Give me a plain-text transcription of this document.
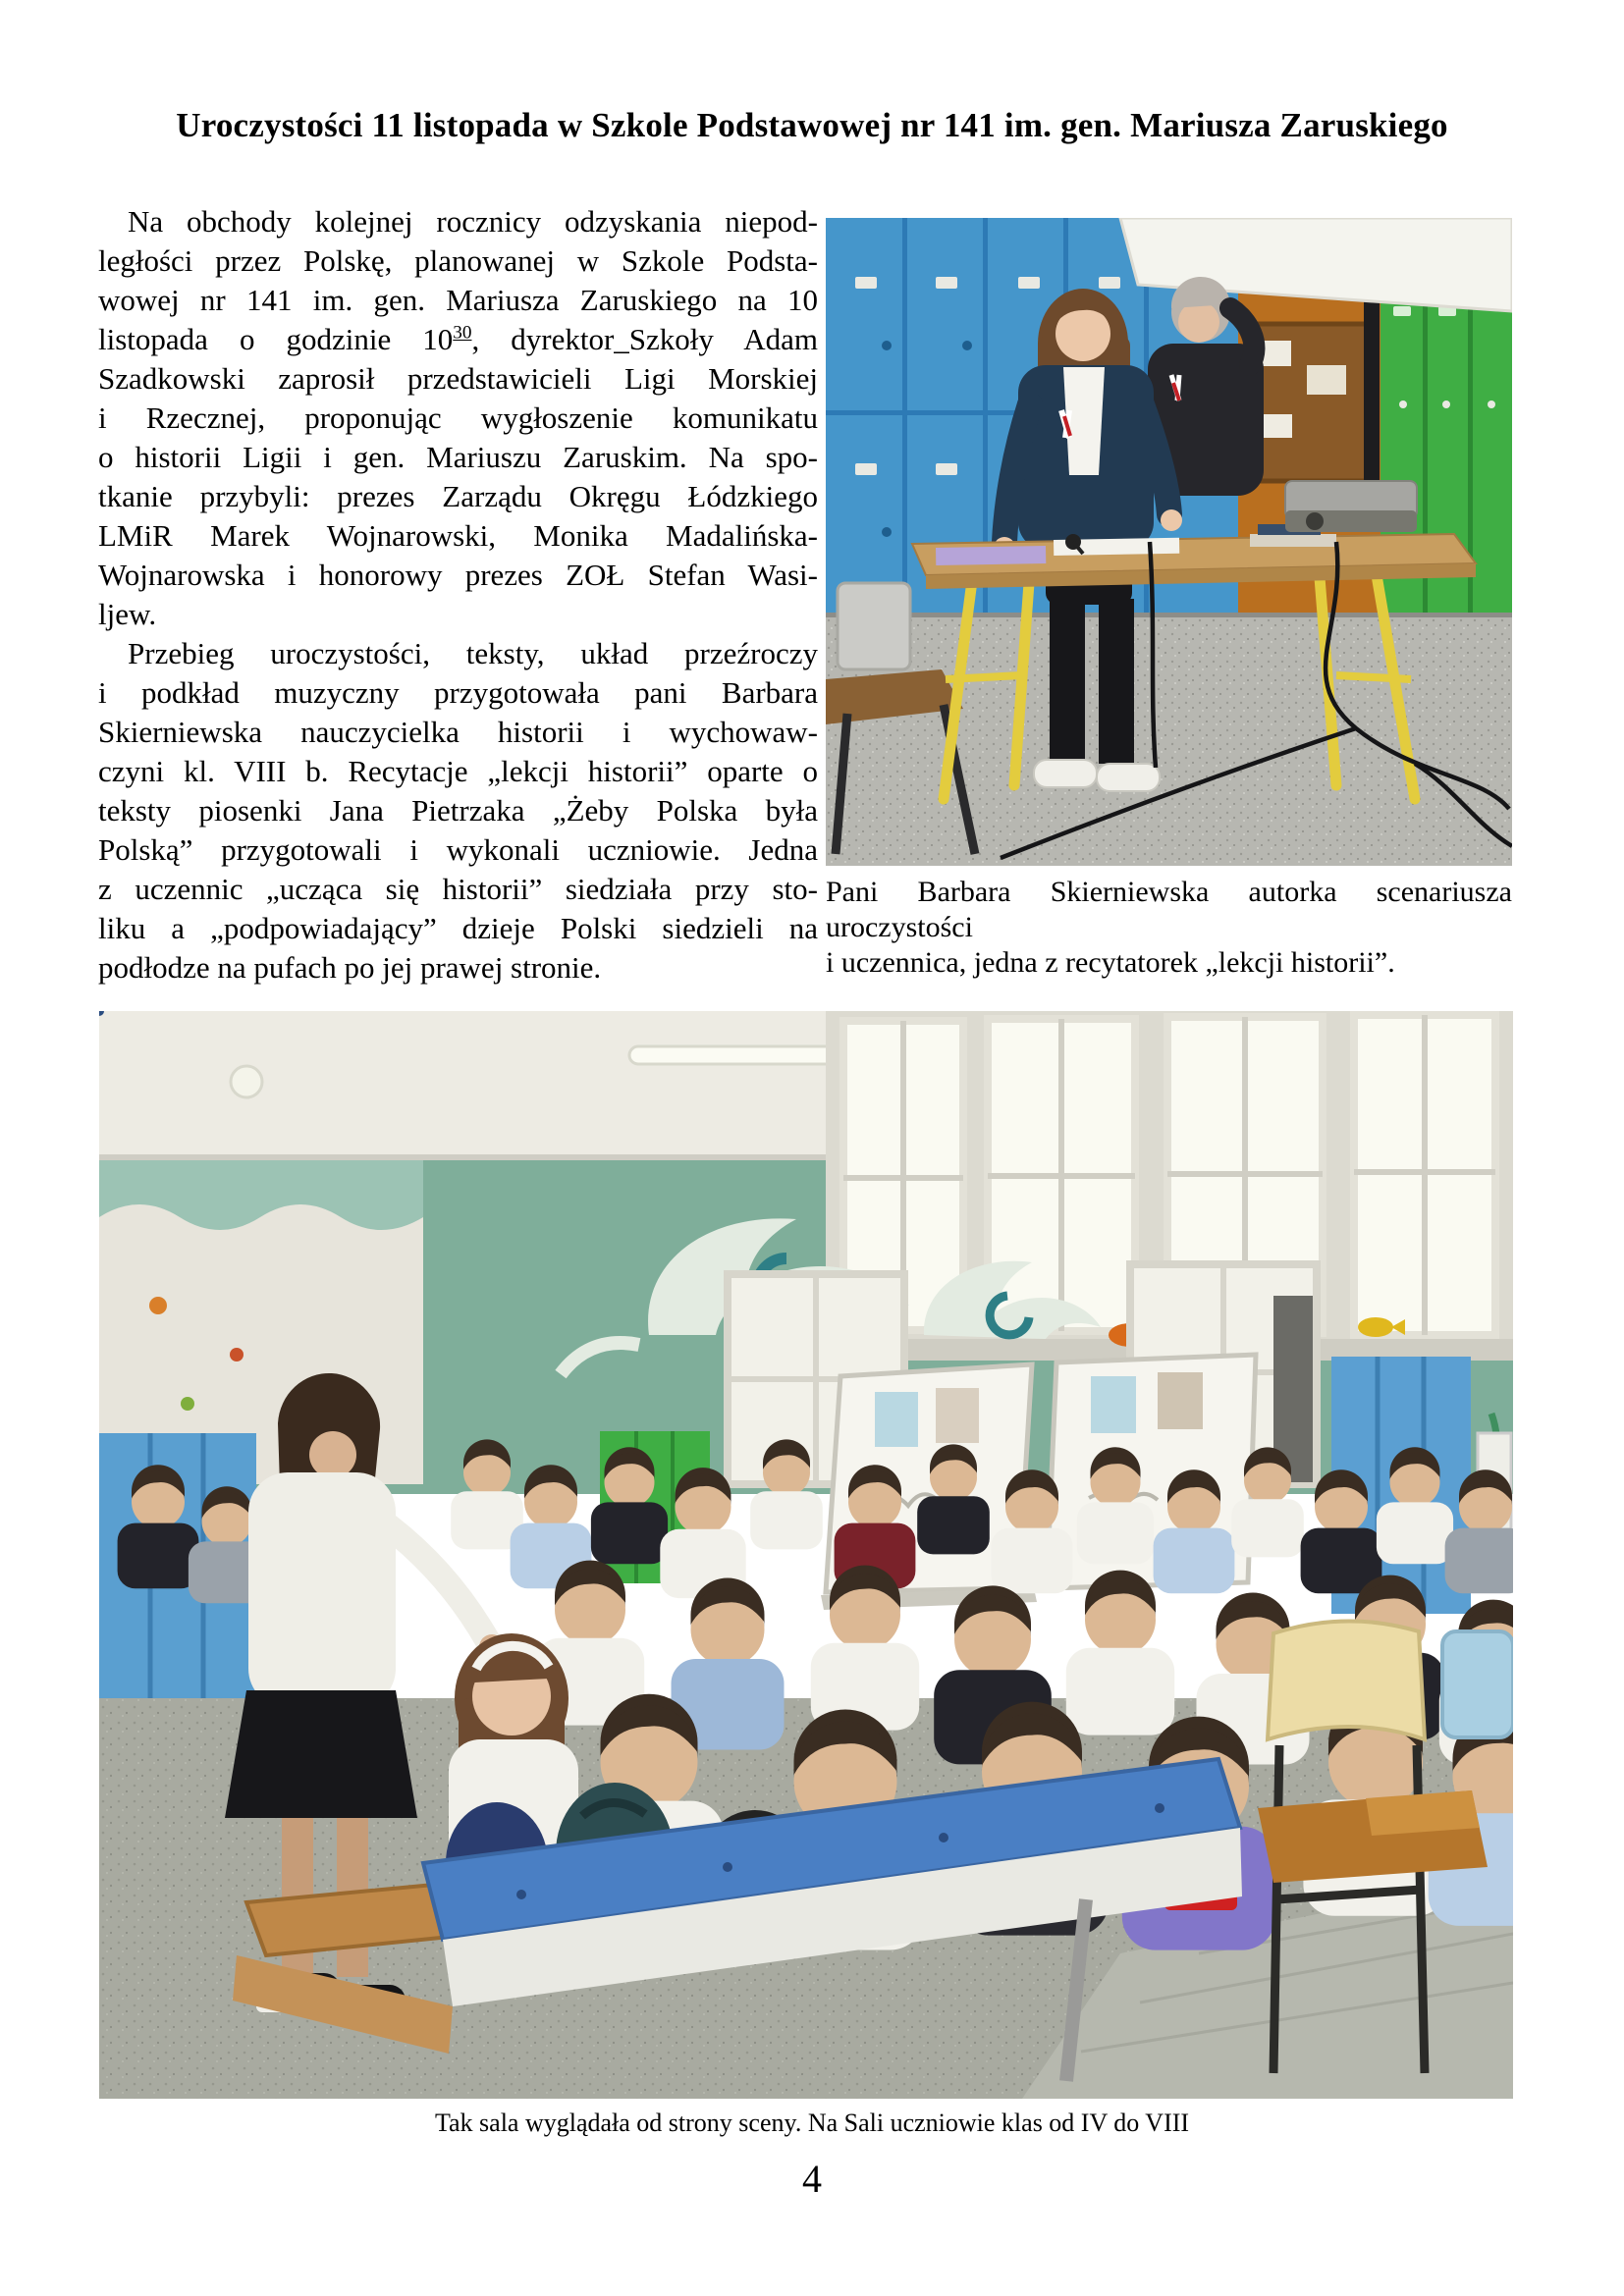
Uroczystości 11 listopada w Szkole Podstawowej nr 141 im. gen. Mariusza Zaruskiego
Na obchody kolejnej rocznicy odzyskania niepod-
ległości przez Polskę, planowanej w Szkole Podsta-
wowej nr 141 im. gen. Mariusza Zaruskiego na 10
listopada o godzinie $10^{30}$, dyrektor_Szkoły Adam
Szadkowski zaprosił przedstawicieli Ligi Morskiej
i Rzecznej, proponując wygłoszenie komunikatu
o historii Ligii i gen. Mariuszu Zaruskim. Na spo-
tkanie przybyli: prezes Zarządu Okręgu Łódzkiego
LMiR Marek Wojnarowski, Monika Madalińska-
Wojnarowska i honorowy prezes ZOŁ Stefan Wasi-
ljew.
Przebieg uroczystości, teksty, układ przeźroczy
i podkład muzyczny przygotowała pani Barbara
Skierniewska nauczycielka historii i wychowaw-
czyni kl. VIII b. Recytacje „lekcji historii” oparte o
teksty piosenki Jana Pietrzaka „Żeby Polska była
Polską” przygotowali i wykonali uczniowie. Jedna
z uczennic „ucząca się historii” siedziała przy sto-
liku a „podpowiadający” dzieje Polski siedzieli na
podłodze na pufach po jej prawej stronie.
Pani Barbara Skierniewska autorka scenariusza uroczystości
i uczennica, jedna z recytatorek „lekcji historii”.
Tak sala wyglądała od strony sceny. Na Sali uczniowie klas od IV do VIII
4
